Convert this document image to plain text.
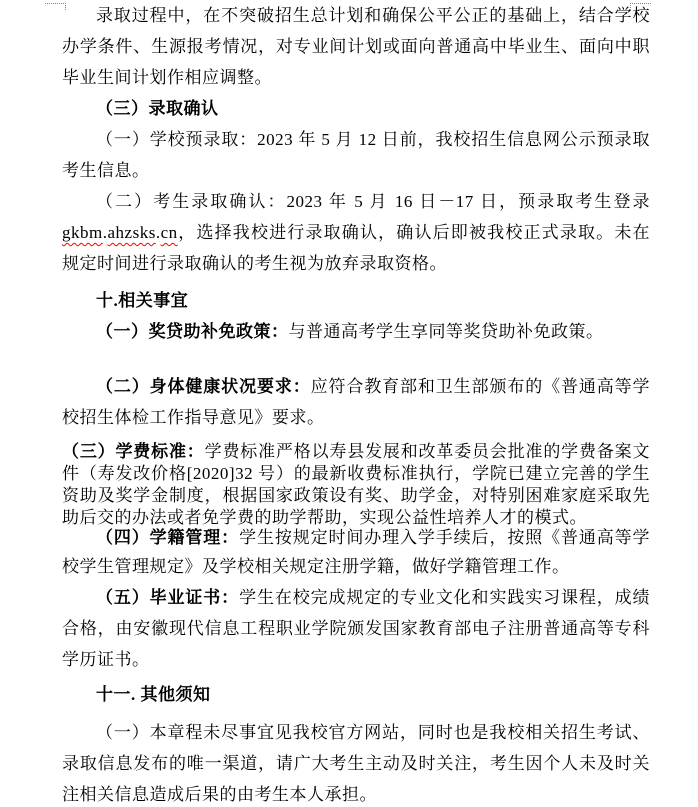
录取过程中，在不突破招生总计划和确保公平公正的基础上，结合学校办学条件、生源报考情况，对专业间计划或面向普通高中毕业生、面向中职毕业生间计划作相应调整。

（三）录取确认

（一）学校预录取：2023 年 5 月 12 日前，我校招生信息网公示预录取考生信息。

（二）考生录取确认：2023 年 5 月 16 日－17 日，预录取考生登录 gkbm.ahzsks.cn，选择我校进行录取确认，确认后即被我校正式录取。未在规定时间进行录取确认的考生视为放弃录取资格。

十.相关事宜

（一）奖贷助补免政策：与普通高考学生享同等奖贷助补免政策。

（二）身体健康状况要求：应符合教育部和卫生部颁布的《普通高等学校招生体检工作指导意见》要求。

（三）学费标准：学费标准严格以寿县发展和改革委员会批准的学费备案文件（寿发改价格[2020]32 号）的最新收费标准执行，学院已建立完善的学生资助及奖学金制度，根据国家政策设有奖、助学金，对特别困难家庭采取先助后交的办法或者免学费的助学帮助，实现公益性培养人才的模式。

（四）学籍管理：学生按规定时间办理入学手续后，按照《普通高等学校学生管理规定》及学校相关规定注册学籍，做好学籍管理工作。

（五）毕业证书：学生在校完成规定的专业文化和实践实习课程，成绩合格，由安徽现代信息工程职业学院颁发国家教育部电子注册普通高等专科学历证书。

十一. 其他须知

（一）本章程未尽事宜见我校官方网站，同时也是我校相关招生考试、录取信息发布的唯一渠道，请广大考生主动及时关注，考生因个人未及时关注相关信息造成后果的由考生本人承担。
